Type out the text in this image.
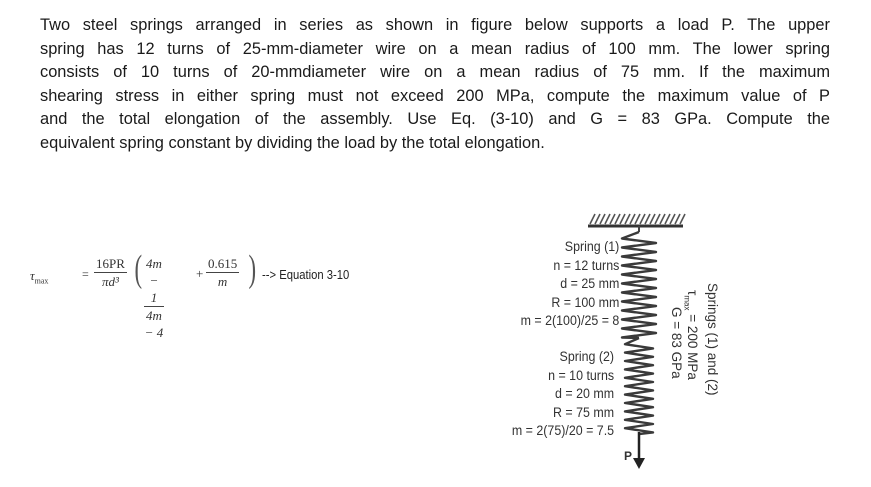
Two steel springs arranged in series as shown in figure below supports a load P. The upper
spring has 12 turns of 25-mm-diameter wire on a mean radius of 100 mm. The lower spring
consists of 10 turns of 20-mmdiameter wire on a mean radius of 75 mm. If the maximum
shearing stress in either spring must not exceed 200 MPa, compute the maximum value of P
and the total elongation of the assembly. Use Eq. (3-10) and G = 83 GPa. Compute the
equivalent spring constant by dividing the load by the total elongation.

$\tau_{max}$
= $\frac{16PR}{\text{πd³}}$ ( $\frac{4m - 1}{4m - 4} + \frac{0.615}{m}$ ) --> Equation 3-10
Spring (1)
n = 12 turns
d = 25 mm
R = 100 mm
m = 2(100)/25 = 8
Spring (2)
n = 10 turns
d = 20 mm
R = 75 mm
m = 2(75)/20 = 7.5
P
G = 83 GPa
$\tau_{max} = 200$ MPa Springs (1) and (2)
